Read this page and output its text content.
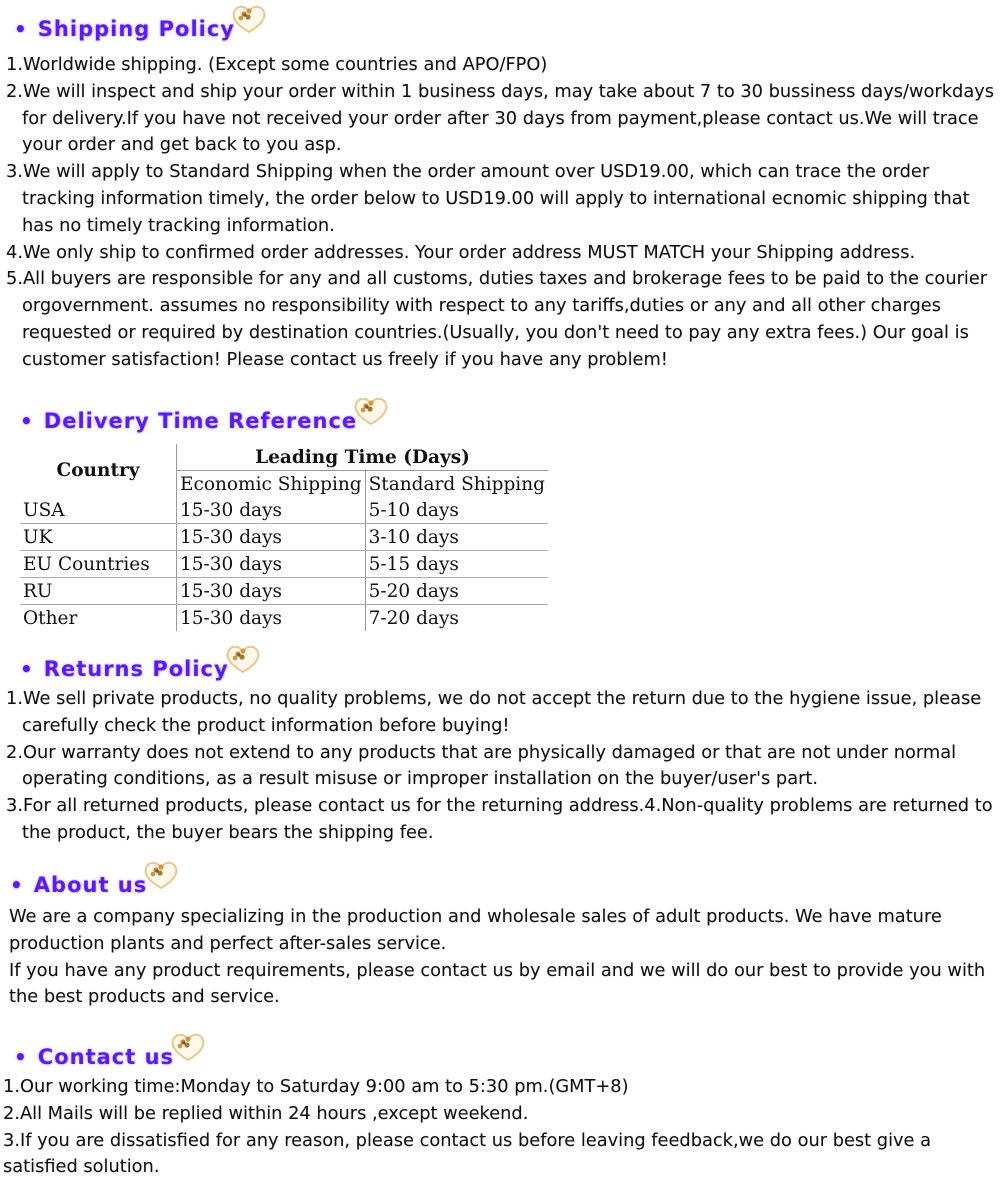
• Shipping Policy
1.Worldwide shipping. (Except some countries and APO/FPO)
2.We will inspect and ship your order within 1 business days, may take about 7 to 30 bussiness days/workdays for delivery.If you have not received your order after 30 days from payment,please contact us.We will trace your order and get back to you asp.
3.We will apply to Standard Shipping when the order amount over USD19.00, which can trace the order tracking information timely, the order below to USD19.00 will apply to international ecnomic shipping that has no timely tracking information.
4.We only ship to confirmed order addresses. Your order address MUST MATCH your Shipping address.
5.All buyers are responsible for any and all customs, duties taxes and brokerage fees to be paid to the courier orgovernment. assumes no responsibility with respect to any tariffs,duties or any and all other charges requested or required by destination countries.(Usually, you don't need to pay any extra fees.) Our goal is customer satisfaction! Please contact us freely if you have any problem!
• Delivery Time Reference
Country	Leading Time (Days)	
	Economic Shipping	Standard Shipping
USA	15-30 days	5-10 days
UK	15-30 days	3-10 days
EU Countries	15-30 days	5-15 days
RU	15-30 days	5-20 days
Other	15-30 days	7-20 days
• Returns Policy
1.We sell private products, no quality problems, we do not accept the return due to the hygiene issue, please carefully check the product information before buying!
2.Our warranty does not extend to any products that are physically damaged or that are not under normal operating conditions, as a result misuse or improper installation on the buyer/user's part.
3.For all returned products, please contact us for the returning address.4.Non-quality problems are returned to the product, the buyer bears the shipping fee.
• About us
We are a company specializing in the production and wholesale sales of adult products. We have mature production plants and perfect after-sales service.
If you have any product requirements, please contact us by email and we will do our best to provide you with the best products and service.
• Contact us
1.Our working time:Monday to Saturday 9:00 am to 5:30 pm.(GMT+8)
2.All Mails will be replied within 24 hours ,except weekend.
3.If you are dissatisfied for any reason, please contact us before leaving feedback,we do our best give a satisfied solution.
